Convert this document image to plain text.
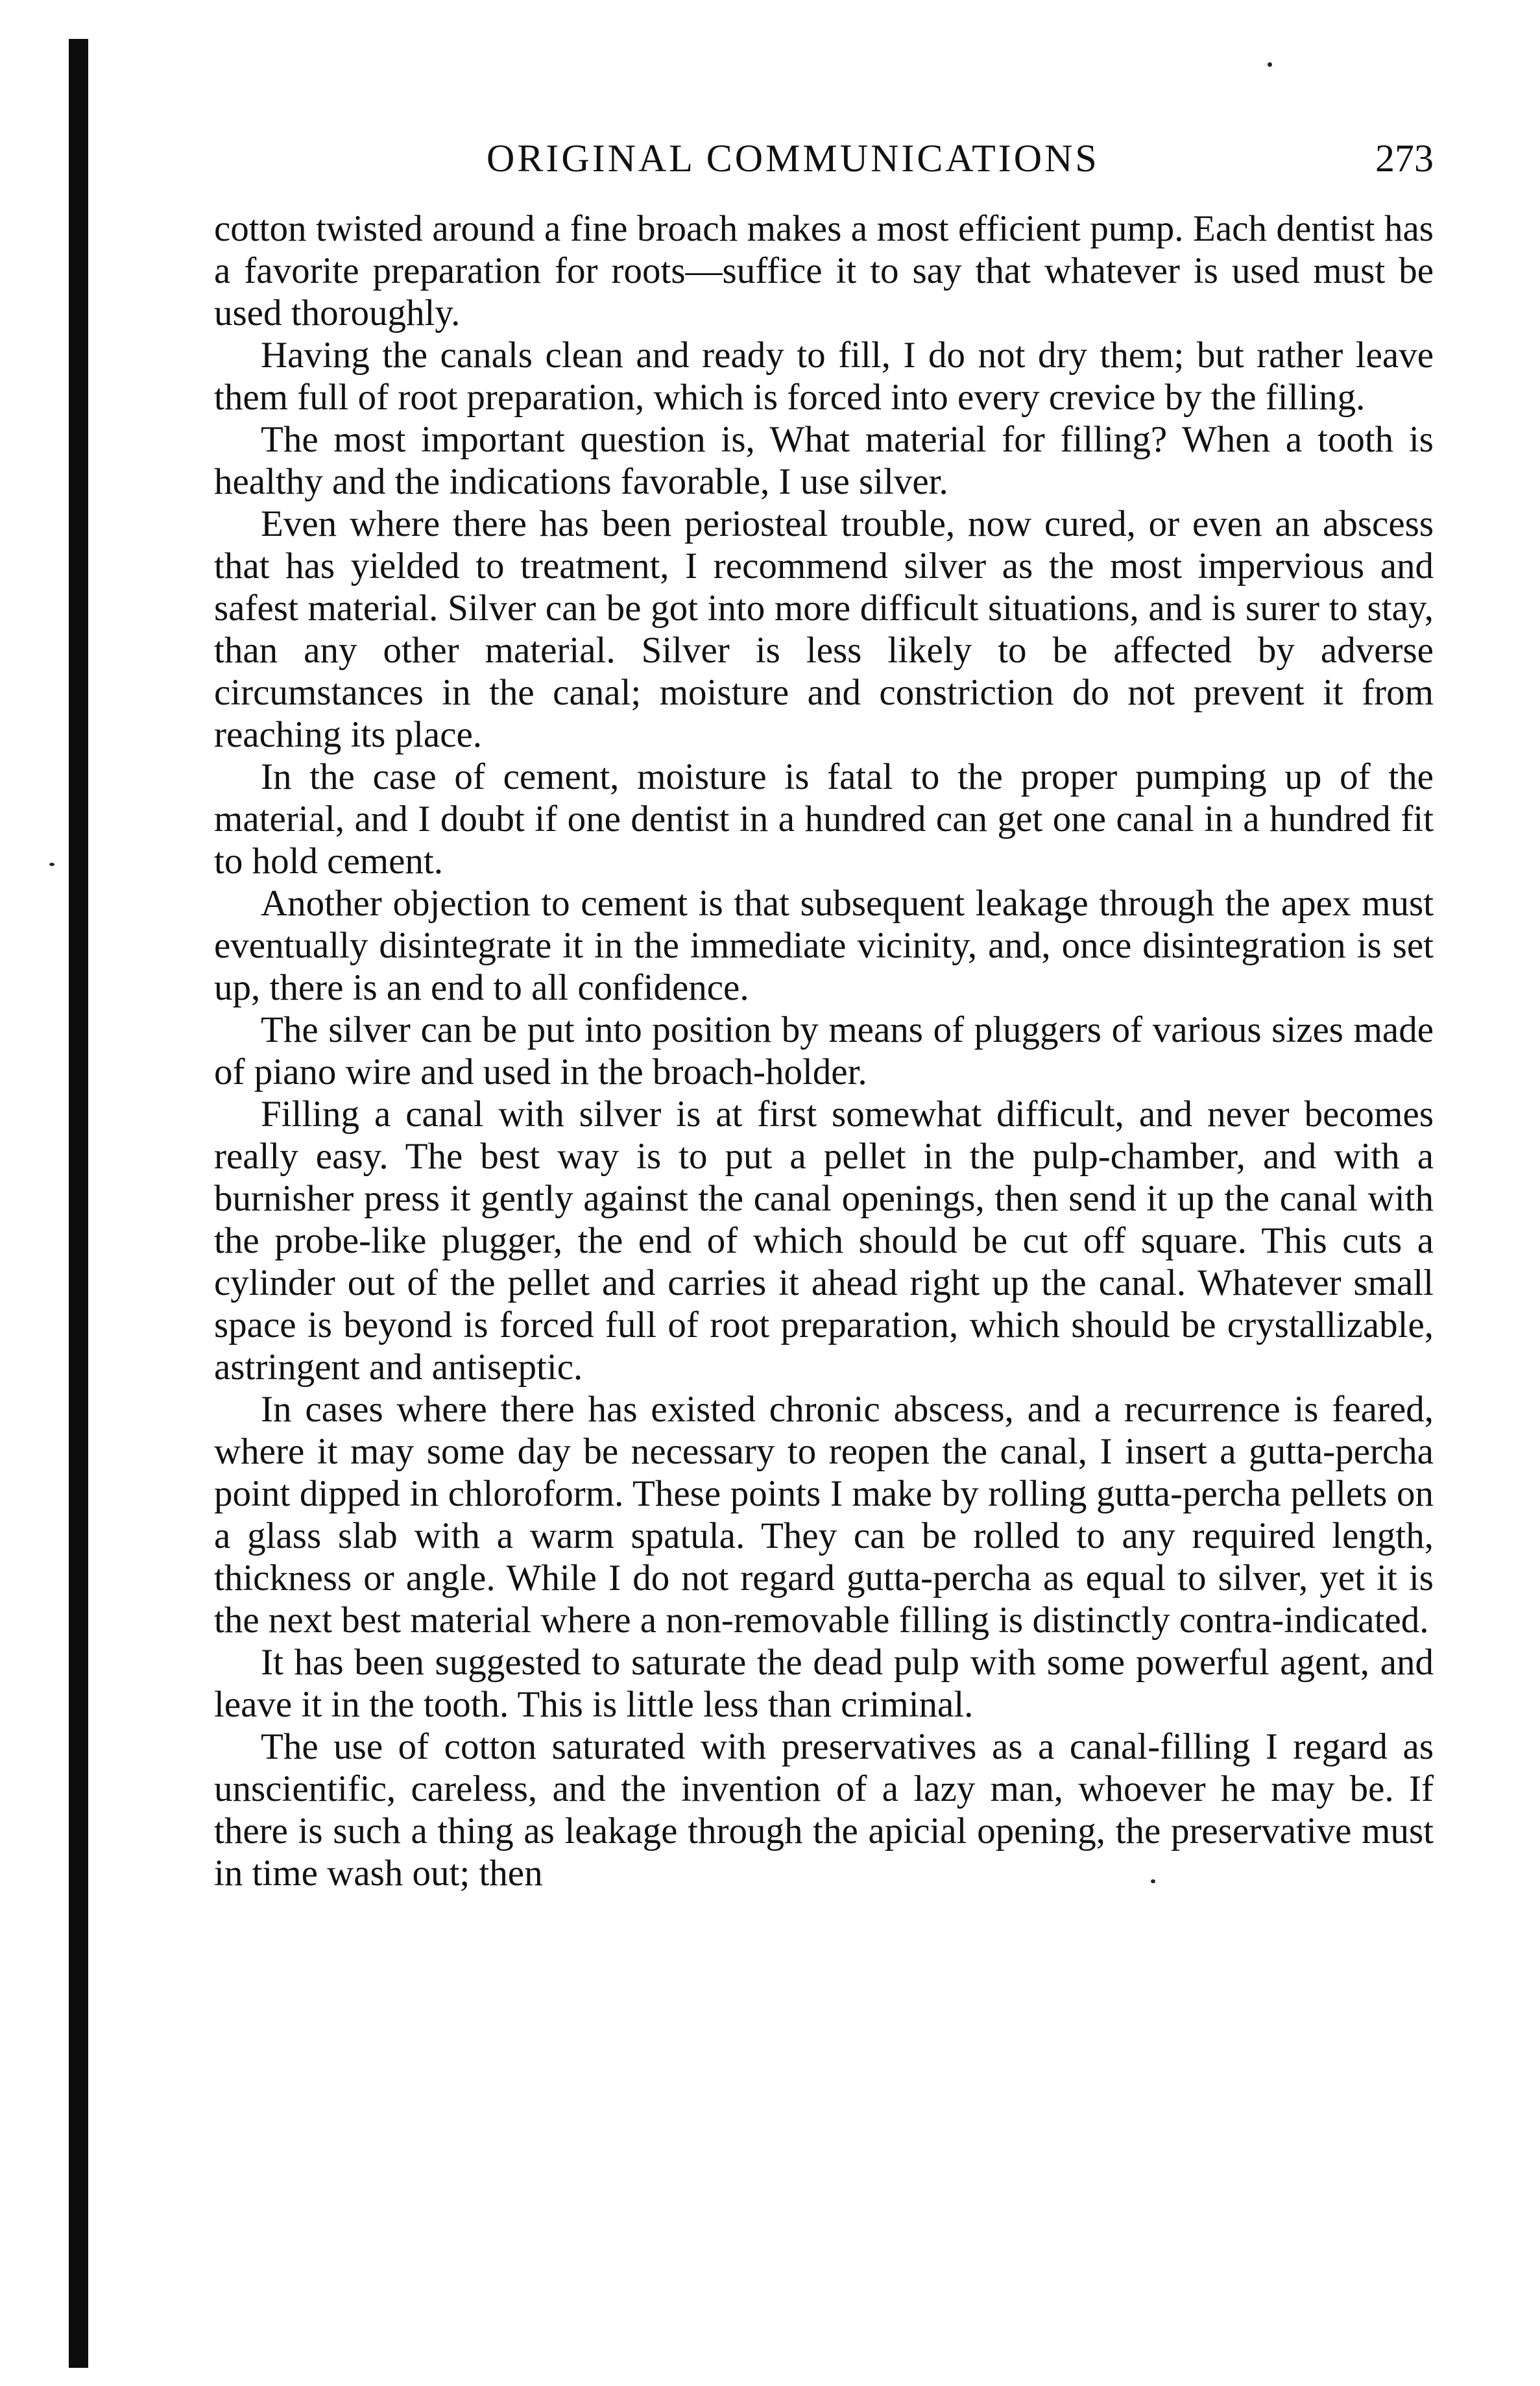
ORIGINAL COMMUNICATIONS	273

cotton twisted around a fine broach makes a most efficient pump. Each dentist has a favorite preparation for roots—suffice it to say that whatever is used must be used thoroughly.

Having the canals clean and ready to fill, I do not dry them; but rather leave them full of root preparation, which is forced into every crevice by the filling.

The most important question is, What material for filling? When a tooth is healthy and the indications favorable, I use silver.

Even where there has been periosteal trouble, now cured, or even an abscess that has yielded to treatment, I recommend silver as the most impervious and safest material. Silver can be got into more difficult situations, and is surer to stay, than any other material. Silver is less likely to be affected by adverse circumstances in the canal; moisture and constriction do not prevent it from reaching its place.

In the case of cement, moisture is fatal to the proper pumping up of the material, and I doubt if one dentist in a hundred can get one canal in a hundred fit to hold cement.

Another objection to cement is that subsequent leakage through the apex must eventually disintegrate it in the immediate vicinity, and, once disintegration is set up, there is an end to all confidence.

The silver can be put into position by means of pluggers of various sizes made of piano wire and used in the broach-holder.

Filling a canal with silver is at first somewhat difficult, and never becomes really easy. The best way is to put a pellet in the pulp-chamber, and with a burnisher press it gently against the canal openings, then send it up the canal with the probe-like plugger, the end of which should be cut off square. This cuts a cylinder out of the pellet and carries it ahead right up the canal. Whatever small space is beyond is forced full of root preparation, which should be crystallizable, astringent and antiseptic.

In cases where there has existed chronic abscess, and a recurrence is feared, where it may some day be necessary to reopen the canal, I insert a gutta-percha point dipped in chloroform. These points I make by rolling gutta-percha pellets on a glass slab with a warm spatula. They can be rolled to any required length, thickness or angle. While I do not regard gutta-percha as equal to silver, yet it is the next best material where a non-removable filling is distinctly contra-indicated.

It has been suggested to saturate the dead pulp with some powerful agent, and leave it in the tooth. This is little less than criminal.

The use of cotton saturated with preservatives as a canal-filling I regard as unscientific, careless, and the invention of a lazy man, whoever he may be. If there is such a thing as leakage through the apicial opening, the preservative must in time wash out; then
